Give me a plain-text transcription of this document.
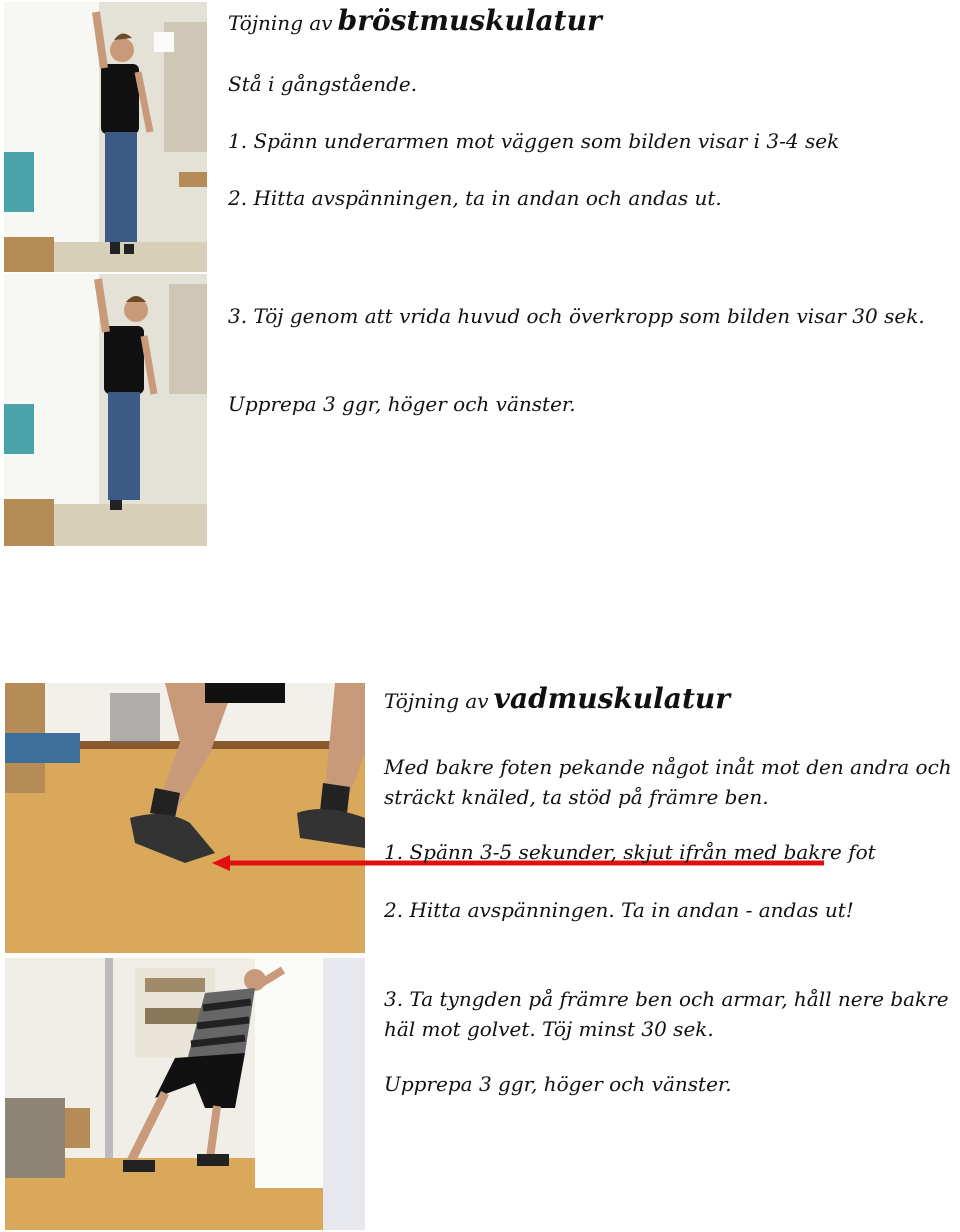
Töjning av bröstmuskulatur
Stå i gångstående.
1. Spänn underarmen mot väggen som bilden visar i 3-4 sek
2. Hitta avspänningen, ta in andan och andas ut.
3. Töj genom att vrida huvud och överkropp som bilden visar 30 sek.
Upprepa 3 ggr, höger och vänster.
Töjning av vadmuskulatur
Med bakre foten pekande något inåt mot den andra och sträckt knäled, ta stöd på främre ben.
1. Spänn 3-5 sekunder, skjut ifrån med bakre fot
2. Hitta avspänningen. Ta in andan - andas ut!
3. Ta tyngden på främre ben och armar, håll nere bakre häl mot golvet. Töj minst 30 sek.
Upprepa 3 ggr, höger och vänster.
